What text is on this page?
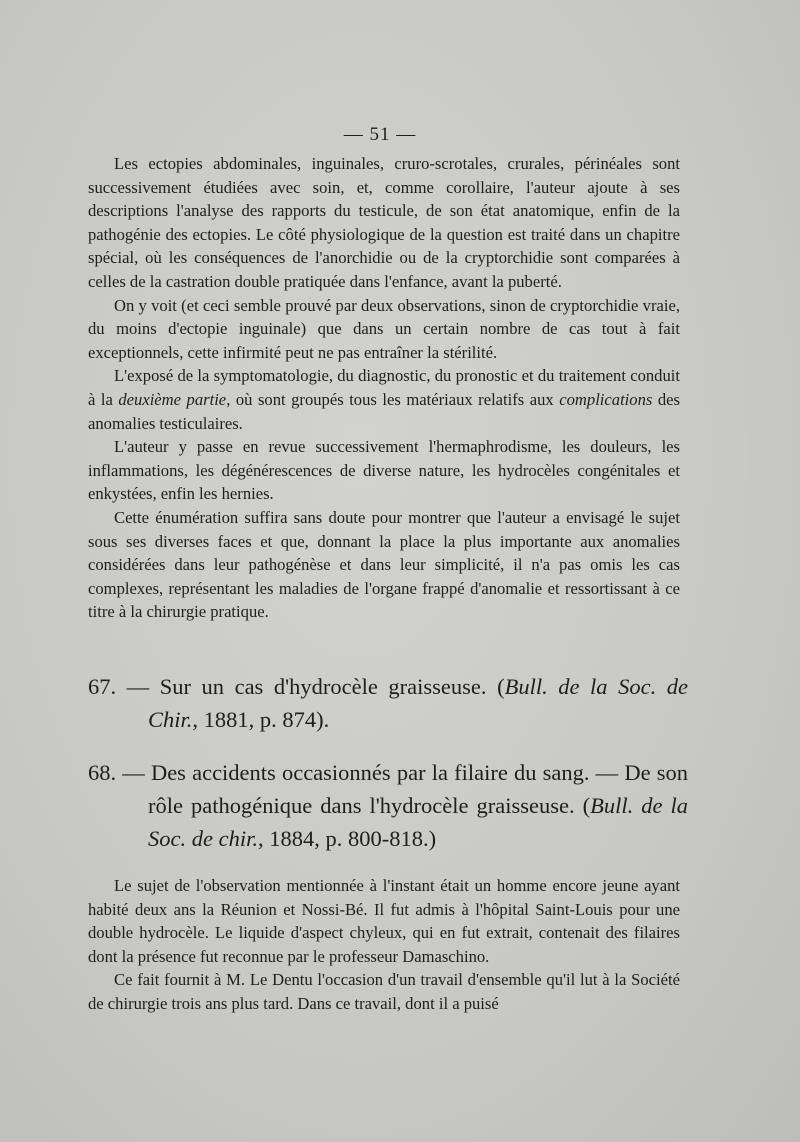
— 51 —

Les ectopies abdominales, inguinales, cruro-scrotales, crurales, périnéales sont successivement étudiées avec soin, et, comme corollaire, l'auteur ajoute à ses descriptions l'analyse des rapports du testicule, de son état anatomique, enfin de la pathogénie des ectopies. Le côté physiologique de la question est traité dans un chapitre spécial, où les conséquences de l'anorchidie ou de la cryptorchidie sont comparées à celles de la castration double pratiquée dans l'enfance, avant la puberté.

On y voit (et ceci semble prouvé par deux observations, sinon de cryptorchidie vraie, du moins d'ectopie inguinale) que dans un certain nombre de cas tout à fait exceptionnels, cette infirmité peut ne pas entraîner la stérilité.

L'exposé de la symptomatologie, du diagnostic, du pronostic et du traitement conduit à la deuxième partie, où sont groupés tous les matériaux relatifs aux complications des anomalies testiculaires.

L'auteur y passe en revue successivement l'hermaphrodisme, les douleurs, les inflammations, les dégénérescences de diverse nature, les hydrocèles congénitales et enkystées, enfin les hernies.

Cette énumération suffira sans doute pour montrer que l'auteur a envisagé le sujet sous ses diverses faces et que, donnant la place la plus importante aux anomalies considérées dans leur pathogénèse et dans leur simplicité, il n'a pas omis les cas complexes, représentant les maladies de l'organe frappé d'anomalie et ressortissant à ce titre à la chirurgie pratique.

67. — Sur un cas d'hydrocèle graisseuse. (Bull. de la Soc. de Chir., 1881, p. 874).
68. — Des accidents occasionnés par la filaire du sang. — De son rôle pathogénique dans l'hydrocèle graisseuse. (Bull. de la Soc. de chir., 1884, p. 800-818.)

Le sujet de l'observation mentionnée à l'instant était un homme encore jeune ayant habité deux ans la Réunion et Nossi-Bé. Il fut admis à l'hôpital Saint-Louis pour une double hydrocèle. Le liquide d'aspect chyleux, qui en fut extrait, contenait des filaires dont la présence fut reconnue par le professeur Damaschino.

Ce fait fournit à M. Le Dentu l'occasion d'un travail d'ensemble qu'il lut à la Société de chirurgie trois ans plus tard. Dans ce travail, dont il a puisé
